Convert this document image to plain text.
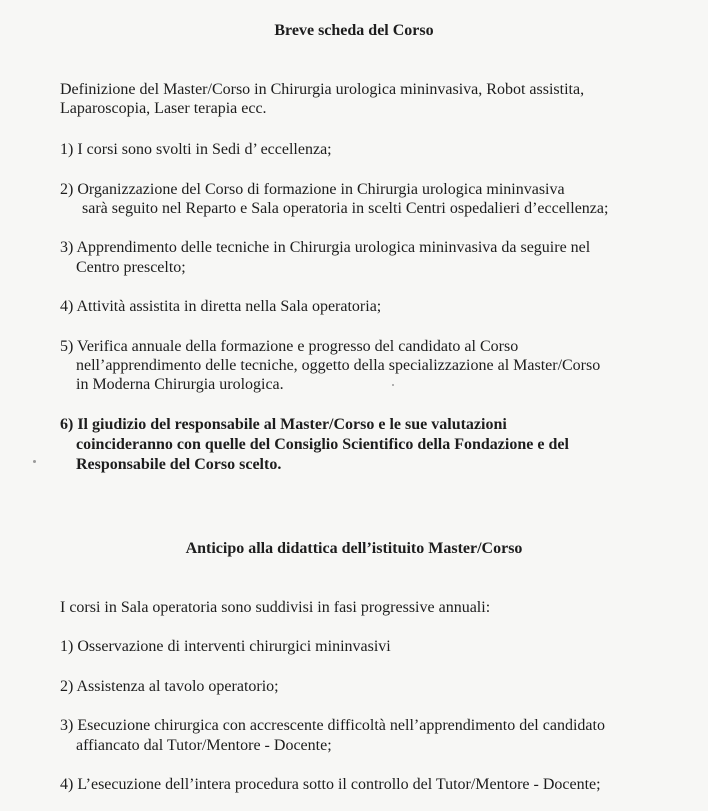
Breve scheda del Corso
Definizione del Master/Corso in Chirurgia urologica mininvasiva, Robot assistita,
Laparoscopia, Laser terapia ecc.
1) I corsi sono svolti in Sedi d’ eccellenza;
2) Organizzazione del Corso di formazione in Chirurgia urologica mininvasiva
sarà seguito nel Reparto e Sala operatoria in scelti Centri ospedalieri d’eccellenza;
3) Apprendimento delle tecniche in Chirurgia urologica mininvasiva da seguire nel
Centro prescelto;
4) Attività assistita in diretta nella Sala operatoria;
5) Verifica annuale della formazione e progresso del candidato al Corso
nell’apprendimento delle tecniche, oggetto della specializzazione al Master/Corso
in Moderna Chirurgia urologica.
6) Il giudizio del responsabile al Master/Corso e le sue valutazioni
coincideranno con quelle del Consiglio Scientifico della Fondazione e del
Responsabile del Corso scelto.
Anticipo alla didattica dell’istituito Master/Corso
I corsi in Sala operatoria sono suddivisi in fasi progressive annuali:
1) Osservazione di interventi chirurgici mininvasivi
2) Assistenza al tavolo operatorio;
3) Esecuzione chirurgica con accrescente difficoltà nell’apprendimento del candidato
affiancato dal Tutor/Mentore - Docente;
4) L’esecuzione dell’intera procedura sotto il controllo del Tutor/Mentore - Docente;
